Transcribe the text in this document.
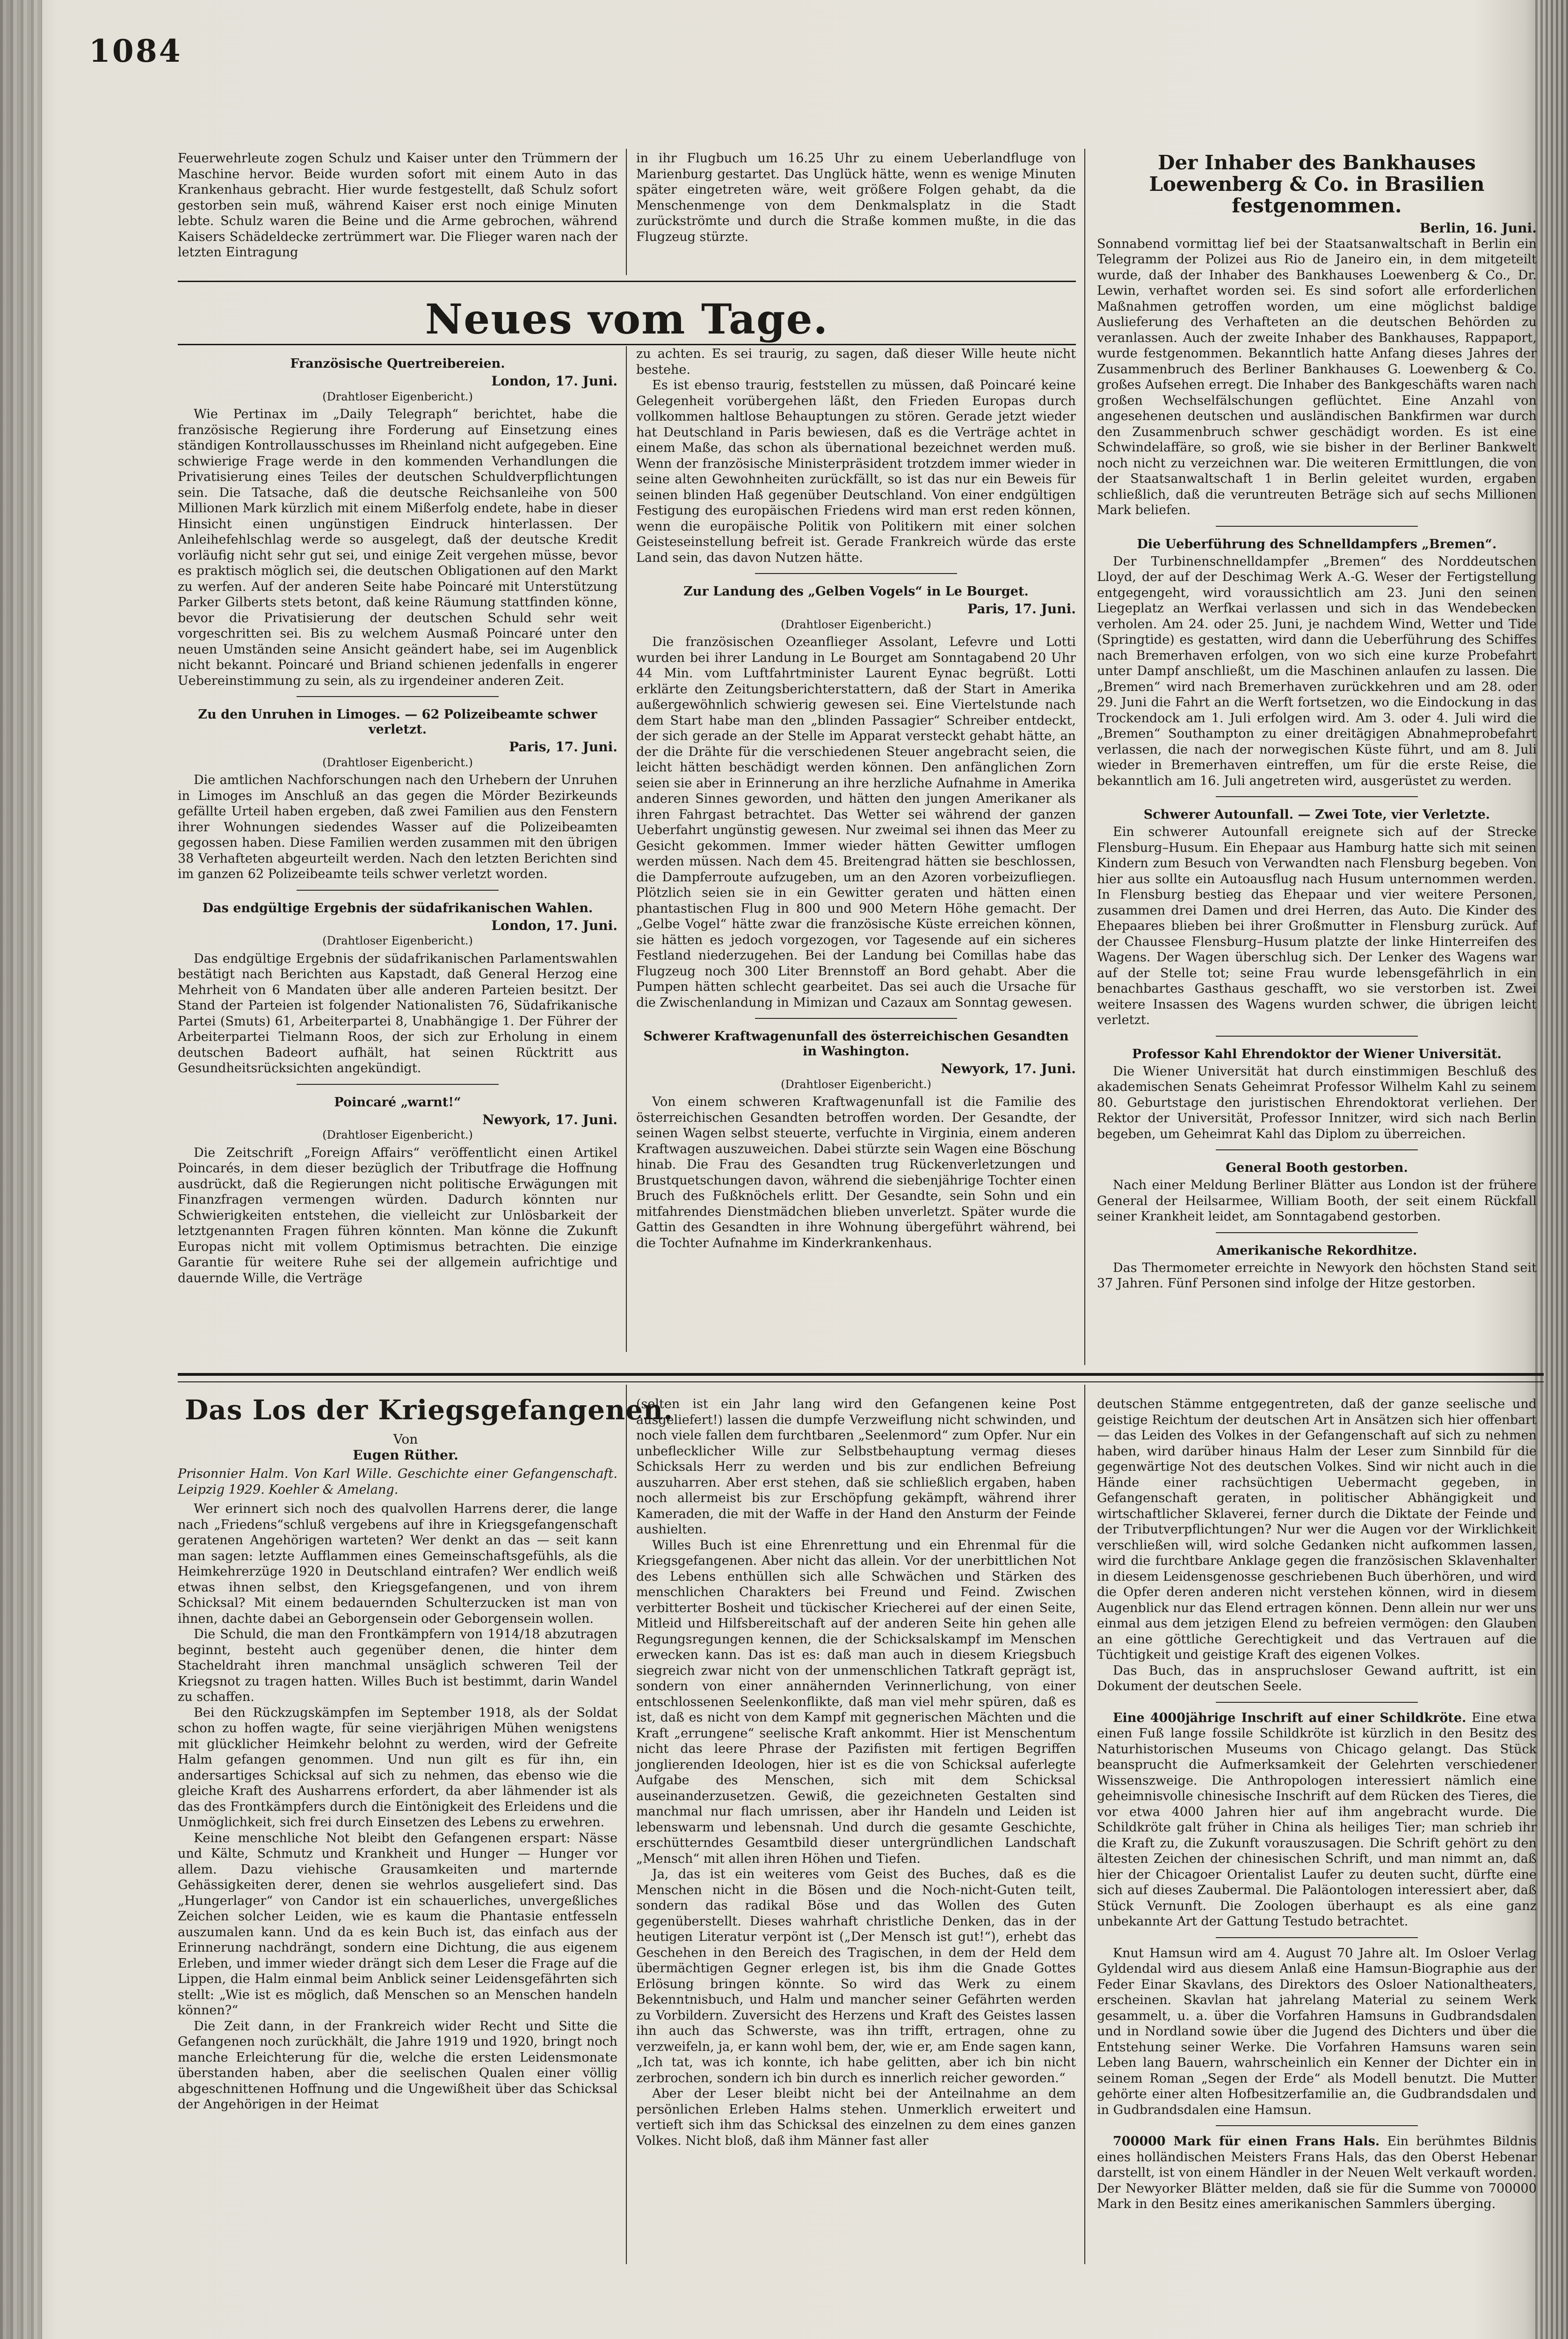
1084

Feuerwehrleute zogen Schulz und Kaiser unter den Trümmern der Maschine hervor. Beide wurden sofort mit einem Auto in das Krankenhaus gebracht. Hier wurde festgestellt, daß Schulz sofort gestorben sein muß, während Kaiser erst noch einige Minuten lebte. Schulz waren die Beine und die Arme gebrochen, während Kaisers Schädeldecke zertrümmert war. Die Flieger waren nach der letzten Eintragung

in ihr Flugbuch um 16.25 Uhr zu einem Ueberlandfluge von Marienburg gestartet. Das Unglück hätte, wenn es wenige Minuten später eingetreten wäre, weit größere Folgen gehabt, da die Menschenmenge von dem Denkmalsplatz in die Stadt zurückströmte und durch die Straße kommen mußte, in die das Flugzeug stürzte.

Neues vom Tage.
Französische Quertreibereien.
London, 17. Juni.
(Drahtloser Eigenbericht.)

Wie Pertinax im „Daily Telegraph“ berichtet, habe die französische Regierung ihre Forderung auf Einsetzung eines ständigen Kontrollausschusses im Rheinland nicht aufgegeben. Eine schwierige Frage werde in den kommenden Verhandlungen die Privatisierung eines Teiles der deutschen Schuldverpflichtungen sein. Die Tatsache, daß die deutsche Reichsanleihe von 500 Millionen Mark kürzlich mit einem Mißerfolg endete, habe in dieser Hinsicht einen ungünstigen Eindruck hinterlassen. Der Anleihefehlschlag werde so ausgelegt, daß der deutsche Kredit vorläufig nicht sehr gut sei, und einige Zeit vergehen müsse, bevor es praktisch möglich sei, die deutschen Obligationen auf den Markt zu werfen. Auf der anderen Seite habe Poincaré mit Unterstützung Parker Gilberts stets betont, daß keine Räumung stattfinden könne, bevor die Privatisierung der deutschen Schuld sehr weit vorgeschritten sei. Bis zu welchem Ausmaß Poincaré unter den neuen Umständen seine Ansicht geändert habe, sei im Augenblick nicht bekannt. Poincaré und Briand schienen jedenfalls in engerer Uebereinstimmung zu sein, als zu irgendeiner anderen Zeit.

Zu den Unruhen in Limoges. — 62 Polizeibeamte schwer verletzt.
Paris, 17. Juni.
(Drahtloser Eigenbericht.)

Die amtlichen Nachforschungen nach den Urhebern der Unruhen in Limoges im Anschluß an das gegen die Mörder Bezirkeunds gefällte Urteil haben ergeben, daß zwei Familien aus den Fenstern ihrer Wohnungen siedendes Wasser auf die Polizeibeamten gegossen haben. Diese Familien werden zusammen mit den übrigen 38 Verhafteten abgeurteilt werden. Nach den letzten Berichten sind im ganzen 62 Polizeibeamte teils schwer verletzt worden.

Das endgültige Ergebnis der südafrikanischen Wahlen.
London, 17. Juni.
(Drahtloser Eigenbericht.)

Das endgültige Ergebnis der südafrikanischen Parlamentswahlen bestätigt nach Berichten aus Kapstadt, daß General Herzog eine Mehrheit von 6 Mandaten über alle anderen Parteien besitzt. Der Stand der Parteien ist folgender Nationalisten 76, Südafrikanische Partei (Smuts) 61, Arbeiterpartei 8, Unabhängige 1. Der Führer der Arbeiterpartei Tielmann Roos, der sich zur Erholung in einem deutschen Badeort aufhält, hat seinen Rücktritt aus Gesundheitsrücksichten angekündigt.

Poincaré „warnt!“
Newyork, 17. Juni.
(Drahtloser Eigenbericht.)

Die Zeitschrift „Foreign Affairs“ veröffentlicht einen Artikel Poincarés, in dem dieser bezüglich der Tributfrage die Hoffnung ausdrückt, daß die Regierungen nicht politische Erwägungen mit Finanzfragen vermengen würden. Dadurch könnten nur Schwierigkeiten entstehen, die vielleicht zur Unlösbarkeit der letztgenannten Fragen führen könnten. Man könne die Zukunft Europas nicht mit vollem Optimismus betrachten. Die einzige Garantie für weitere Ruhe sei der allgemein aufrichtige und dauernde Wille, die Verträge

zu achten. Es sei traurig, zu sagen, daß dieser Wille heute nicht bestehe.

Es ist ebenso traurig, feststellen zu müssen, daß Poincaré keine Gelegenheit vorübergehen läßt, den Frieden Europas durch vollkommen haltlose Behauptungen zu stören. Gerade jetzt wieder hat Deutschland in Paris bewiesen, daß es die Verträge achtet in einem Maße, das schon als übernational bezeichnet werden muß. Wenn der französische Ministerpräsident trotzdem immer wieder in seine alten Gewohnheiten zurückfällt, so ist das nur ein Beweis für seinen blinden Haß gegenüber Deutschland. Von einer endgültigen Festigung des europäischen Friedens wird man erst reden können, wenn die europäische Politik von Politikern mit einer solchen Geisteseinstellung befreit ist. Gerade Frankreich würde das erste Land sein, das davon Nutzen hätte.

Zur Landung des „Gelben Vogels“ in Le Bourget.
Paris, 17. Juni.
(Drahtloser Eigenbericht.)

Die französischen Ozeanflieger Assolant, Lefevre und Lotti wurden bei ihrer Landung in Le Bourget am Sonntagabend 20 Uhr 44 Min. vom Luftfahrtminister Laurent Eynac begrüßt. Lotti erklärte den Zeitungsberichterstattern, daß der Start in Amerika außergewöhnlich schwierig gewesen sei. Eine Viertelstunde nach dem Start habe man den „blinden Passagier“ Schreiber entdeckt, der sich gerade an der Stelle im Apparat versteckt gehabt hätte, an der die Drähte für die verschiedenen Steuer angebracht seien, die leicht hätten beschädigt werden können. Den anfänglichen Zorn seien sie aber in Erinnerung an ihre herzliche Aufnahme in Amerika anderen Sinnes geworden, und hätten den jungen Amerikaner als ihren Fahrgast betrachtet. Das Wetter sei während der ganzen Ueberfahrt ungünstig gewesen. Nur zweimal sei ihnen das Meer zu Gesicht gekommen. Immer wieder hätten Gewitter umflogen werden müssen. Nach dem 45. Breitengrad hätten sie beschlossen, die Dampferroute aufzugeben, um an den Azoren vorbeizufliegen. Plötzlich seien sie in ein Gewitter geraten und hätten einen phantastischen Flug in 800 und 900 Metern Höhe gemacht. Der „Gelbe Vogel“ hätte zwar die französische Küste erreichen können, sie hätten es jedoch vorgezogen, vor Tagesende auf ein sicheres Festland niederzugehen. Bei der Landung bei Comillas habe das Flugzeug noch 300 Liter Brennstoff an Bord gehabt. Aber die Pumpen hätten schlecht gearbeitet. Das sei auch die Ursache für die Zwischenlandung in Mimizan und Cazaux am Sonntag gewesen.

Schwerer Kraftwagenunfall des österreichischen Gesandten in Washington.
Newyork, 17. Juni.
(Drahtloser Eigenbericht.)

Von einem schweren Kraftwagenunfall ist die Familie des österreichischen Gesandten betroffen worden. Der Gesandte, der seinen Wagen selbst steuerte, verfuchte in Virginia, einem anderen Kraftwagen auszuweichen. Dabei stürzte sein Wagen eine Böschung hinab. Die Frau des Gesandten trug Rückenverletzungen und Brustquetschungen davon, während die siebenjährige Tochter einen Bruch des Fußknöchels erlitt. Der Gesandte, sein Sohn und ein mitfahrendes Dienstmädchen blieben unverletzt. Später wurde die Gattin des Gesandten in ihre Wohnung übergeführt während, bei die Tochter Aufnahme im Kinderkrankenhaus.

Der Inhaber des Bankhauses Loewenberg & Co. in Brasilien festgenommen.
Berlin, 16. Juni.

Sonnabend vormittag lief bei der Staatsanwaltschaft in Berlin ein Telegramm der Polizei aus Rio de Janeiro ein, in dem mitgeteilt wurde, daß der Inhaber des Bankhauses Loewenberg & Co., Dr. Lewin, verhaftet worden sei. Es sind sofort alle erforderlichen Maßnahmen getroffen worden, um eine möglichst baldige Auslieferung des Verhafteten an die deutschen Behörden zu veranlassen. Auch der zweite Inhaber des Bankhauses, Rappaport, wurde festgenommen. Bekanntlich hatte Anfang dieses Jahres der Zusammenbruch des Berliner Bankhauses G. Loewenberg & Co. großes Aufsehen erregt. Die Inhaber des Bankgeschäfts waren nach großen Wechselfälschungen geflüchtet. Eine Anzahl von angesehenen deutschen und ausländischen Bankfirmen war durch den Zusammenbruch schwer geschädigt worden. Es ist eine Schwindelaffäre, so groß, wie sie bisher in der Berliner Bankwelt noch nicht zu verzeichnen war. Die weiteren Ermittlungen, die von der Staatsanwaltschaft 1 in Berlin geleitet wurden, ergaben schließlich, daß die veruntreuten Beträge sich auf sechs Millionen Mark beliefen.

Die Ueberführung des Schnelldampfers „Bremen“.

Der Turbinenschnelldampfer „Bremen“ des Norddeutschen Lloyd, der auf der Deschimag Werk A.-G. Weser der Fertigstellung entgegengeht, wird voraussichtlich am 23. Juni den seinen Liegeplatz an Werfkai verlassen und sich in das Wendebecken verholen. Am 24. oder 25. Juni, je nachdem Wind, Wetter und Tide (Springtide) es gestatten, wird dann die Ueberführung des Schiffes nach Bremerhaven erfolgen, von wo sich eine kurze Probefahrt unter Dampf anschließt, um die Maschinen anlaufen zu lassen. Die „Bremen“ wird nach Bremerhaven zurückkehren und am 28. oder 29. Juni die Fahrt an die Werft fortsetzen, wo die Eindockung in das Trockendock am 1. Juli erfolgen wird. Am 3. oder 4. Juli wird die „Bremen“ Southampton zu einer dreitägigen Abnahmeprobefahrt verlassen, die nach der norwegischen Küste führt, und am 8. Juli wieder in Bremerhaven eintreffen, um für die erste Reise, die bekanntlich am 16. Juli angetreten wird, ausgerüstet zu werden.

Schwerer Autounfall. — Zwei Tote, vier Verletzte.

Ein schwerer Autounfall ereignete sich auf der Strecke Flensburg–Husum. Ein Ehepaar aus Hamburg hatte sich mit seinen Kindern zum Besuch von Verwandten nach Flensburg begeben. Von hier aus sollte ein Autoausflug nach Husum unternommen werden. In Flensburg bestieg das Ehepaar und vier weitere Personen, zusammen drei Damen und drei Herren, das Auto. Die Kinder des Ehepaares blieben bei ihrer Großmutter in Flensburg zurück. Auf der Chaussee Flensburg–Husum platzte der linke Hinterreifen des Wagens. Der Wagen überschlug sich. Der Lenker des Wagens war auf der Stelle tot; seine Frau wurde lebensgefährlich in ein benachbartes Gasthaus geschafft, wo sie verstorben ist. Zwei weitere Insassen des Wagens wurden schwer, die übrigen leicht verletzt.

Professor Kahl Ehrendoktor der Wiener Universität.

Die Wiener Universität hat durch einstimmigen Beschluß des akademischen Senats Geheimrat Professor Wilhelm Kahl zu seinem 80. Geburtstage den juristischen Ehrendoktorat verliehen. Der Rektor der Universität, Professor Innitzer, wird sich nach Berlin begeben, um Geheimrat Kahl das Diplom zu überreichen.

General Booth gestorben.

Nach einer Meldung Berliner Blätter aus London ist der frühere General der Heilsarmee, William Booth, der seit einem Rückfall seiner Krankheit leidet, am Sonntagabend gestorben.

Amerikanische Rekordhitze.

Das Thermometer erreichte in Newyork den höchsten Stand seit 37 Jahren. Fünf Personen sind infolge der Hitze gestorben.

Das Los der Kriegsgefangenen.

Von

Eugen Rüther.

Prisonnier Halm. Von Karl Wille. Geschichte einer Gefangenschaft. Leipzig 1929. Koehler & Amelang.

Wer erinnert sich noch des qualvollen Harrens derer, die lange nach „Friedens“schluß vergebens auf ihre in Kriegsgefangenschaft geratenen Angehörigen warteten? Wer denkt an das — seit kann man sagen: letzte Aufflammen eines Gemeinschaftsgefühls, als die Heimkehrerzüge 1920 in Deutschland eintrafen? Wer endlich weiß etwas ihnen selbst, den Kriegsgefangenen, und von ihrem Schicksal? Mit einem bedauernden Schulterzucken ist man von ihnen, dachte dabei an Geborgensein oder Geborgensein wollen.

Die Schuld, die man den Frontkämpfern von 1914/18 abzutragen beginnt, besteht auch gegenüber denen, die hinter dem Stacheldraht ihren manchmal unsäglich schweren Teil der Kriegsnot zu tragen hatten. Willes Buch ist bestimmt, darin Wandel zu schaffen.

Bei den Rückzugskämpfen im September 1918, als der Soldat schon zu hoffen wagte, für seine vierjährigen Mühen wenigstens mit glücklicher Heimkehr belohnt zu werden, wird der Gefreite Halm gefangen genommen. Und nun gilt es für ihn, ein andersartiges Schicksal auf sich zu nehmen, das ebenso wie die gleiche Kraft des Ausharrens erfordert, da aber lähmender ist als das des Frontkämpfers durch die Eintönigkeit des Erleidens und die Unmöglichkeit, sich frei durch Einsetzen des Lebens zu erwehren.

Keine menschliche Not bleibt den Gefangenen erspart: Nässe und Kälte, Schmutz und Krankheit und Hunger — Hunger vor allem. Dazu viehische Grausamkeiten und marternde Gehässigkeiten derer, denen sie wehrlos ausgeliefert sind. Das „Hungerlager“ von Candor ist ein schauerliches, unvergeßliches Zeichen solcher Leiden, wie es kaum die Phantasie entfesseln auszumalen kann. Und da es kein Buch ist, das einfach aus der Erinnerung nachdrängt, sondern eine Dichtung, die aus eigenem Erleben, und immer wieder drängt sich dem Leser die Frage auf die Lippen, die Halm einmal beim Anblick seiner Leidensgefährten sich stellt: „Wie ist es möglich, daß Menschen so an Menschen handeln können?“

Die Zeit dann, in der Frankreich wider Recht und Sitte die Gefangenen noch zurückhält, die Jahre 1919 und 1920, bringt noch manche Erleichterung für die, welche die ersten Leidensmonate überstanden haben, aber die seelischen Qualen einer völlig abgeschnittenen Hoffnung und die Ungewißheit über das Schicksal der Angehörigen in der Heimat

(selten ist ein Jahr lang wird den Gefangenen keine Post ausgeliefert!) lassen die dumpfe Verzweiflung nicht schwinden, und noch viele fallen dem furchtbaren „Seelenmord“ zum Opfer. Nur ein unbeflecklicher Wille zur Selbstbehauptung vermag dieses Schicksals Herr zu werden und bis zur endlichen Befreiung auszuharren. Aber erst stehen, daß sie schließlich ergaben, haben noch allermeist bis zur Erschöpfung gekämpft, während ihrer Kameraden, die mit der Waffe in der Hand den Ansturm der Feinde aushielten.

Willes Buch ist eine Ehrenrettung und ein Ehrenmal für die Kriegsgefangenen. Aber nicht das allein. Vor der unerbittlichen Not des Lebens enthüllen sich alle Schwächen und Stärken des menschlichen Charakters bei Freund und Feind. Zwischen verbitterter Bosheit und tückischer Kriecherei auf der einen Seite, Mitleid und Hilfsbereitschaft auf der anderen Seite hin gehen alle Regungsregungen kennen, die der Schicksalskampf im Menschen erwecken kann. Das ist es: daß man auch in diesem Kriegsbuch siegreich zwar nicht von der unmenschlichen Tatkraft geprägt ist, sondern von einer annähernden Verinnerlichung, von einer entschlossenen Seelenkonflikte, daß man viel mehr spüren, daß es ist, daß es nicht von dem Kampf mit gegnerischen Mächten und die Kraft „errungene“ seelische Kraft ankommt. Hier ist Menschentum nicht das leere Phrase der Pazifisten mit fertigen Begriffen jonglierenden Ideologen, hier ist es die von Schicksal auferlegte Aufgabe des Menschen, sich mit dem Schicksal auseinanderzusetzen. Gewiß, die gezeichneten Gestalten sind manchmal nur flach umrissen, aber ihr Handeln und Leiden ist lebenswarm und lebensnah. Und durch die gesamte Geschichte, erschütterndes Gesamtbild dieser untergründlichen Landschaft „Mensch“ mit allen ihren Höhen und Tiefen.

Ja, das ist ein weiteres vom Geist des Buches, daß es die Menschen nicht in die Bösen und die Noch-nicht-Guten teilt, sondern das radikal Böse und das Wollen des Guten gegenüberstellt. Dieses wahrhaft christliche Denken, das in der heutigen Literatur verpönt ist („Der Mensch ist gut!“), erhebt das Geschehen in den Bereich des Tragischen, in dem der Held dem übermächtigen Gegner erlegen ist, bis ihm die Gnade Gottes Erlösung bringen könnte. So wird das Werk zu einem Bekenntnisbuch, und Halm und mancher seiner Gefährten werden zu Vorbildern. Zuversicht des Herzens und Kraft des Geistes lassen ihn auch das Schwerste, was ihn trifft, ertragen, ohne zu verzweifeln, ja, er kann wohl bem, der, wie er, am Ende sagen kann, „Ich tat, was ich konnte, ich habe gelitten, aber ich bin nicht zerbrochen, sondern ich bin durch es innerlich reicher geworden.“

Aber der Leser bleibt nicht bei der Anteilnahme an dem persönlichen Erleben Halms stehen. Unmerklich erweitert und vertieft sich ihm das Schicksal des einzelnen zu dem eines ganzen Volkes. Nicht bloß, daß ihm Männer fast aller

deutschen Stämme entgegentreten, daß der ganze seelische und geistige Reichtum der deutschen Art in Ansätzen sich hier offenbart — das Leiden des Volkes in der Gefangenschaft auf sich zu nehmen haben, wird darüber hinaus Halm der Leser zum Sinnbild für die gegenwärtige Not des deutschen Volkes. Sind wir nicht auch in die Hände einer rachsüchtigen Uebermacht gegeben, in Gefangenschaft geraten, in politischer Abhängigkeit und wirtschaftlicher Sklaverei, ferner durch die Diktate der Feinde und der Tributverpflichtungen? Nur wer die Augen vor der Wirklichkeit verschließen will, wird solche Gedanken nicht aufkommen lassen, wird die furchtbare Anklage gegen die französischen Sklavenhalter in diesem Leidensgenosse geschriebenen Buch überhören, und wird die Opfer deren anderen nicht verstehen können, wird in diesem Augenblick nur das Elend ertragen können. Denn allein nur wer uns einmal aus dem jetzigen Elend zu befreien vermögen: den Glauben an eine göttliche Gerechtigkeit und das Vertrauen auf die Tüchtigkeit und geistige Kraft des eigenen Volkes.

Das Buch, das in anspruchsloser Gewand auftritt, ist ein Dokument der deutschen Seele.

Eine 4000jährige Inschrift auf einer Schildkröte. Eine etwa einen Fuß lange fossile Schildkröte ist kürzlich in den Besitz des Naturhistorischen Museums von Chicago gelangt. Das Stück beansprucht die Aufmerksamkeit der Gelehrten verschiedener Wissenszweige. Die Anthropologen interessiert nämlich eine geheimnisvolle chinesische Inschrift auf dem Rücken des Tieres, die vor etwa 4000 Jahren hier auf ihm angebracht wurde. Die Schildkröte galt früher in China als heiliges Tier; man schrieb ihr die Kraft zu, die Zukunft vorauszusagen. Die Schrift gehört zu den ältesten Zeichen der chinesischen Schrift, und man nimmt an, daß hier der Chicagoer Orientalist Laufer zu deuten sucht, dürfte eine sich auf dieses Zaubermal. Die Paläontologen interessiert aber, daß Stück Vernunft. Die Zoologen überhaupt es als eine ganz unbekannte Art der Gattung Testudo betrachtet.

Knut Hamsun wird am 4. August 70 Jahre alt. Im Osloer Verlag Gyldendal wird aus diesem Anlaß eine Hamsun-Biographie aus der Feder Einar Skavlans, des Direktors des Osloer Nationaltheaters, erscheinen. Skavlan hat jahrelang Material zu seinem Werk gesammelt, u. a. über die Vorfahren Hamsuns in Gudbrandsdalen und in Nordland sowie über die Jugend des Dichters und über die Entstehung seiner Werke. Die Vorfahren Hamsuns waren sein Leben lang Bauern, wahrscheinlich ein Kenner der Dichter ein in seinem Roman „Segen der Erde“ als Modell benutzt. Die Mutter gehörte einer alten Hofbesitzerfamilie an, die Gudbrandsdalen und in Gudbrandsdalen eine Hamsun.

700000 Mark für einen Frans Hals. Ein berühmtes Bildnis eines holländischen Meisters Frans Hals, das den Oberst Hebenar darstellt, ist von einem Händler in der Neuen Welt verkauft worden. Der Newyorker Blätter melden, daß sie für die Summe von 700000 Mark in den Besitz eines amerikanischen Sammlers überging.
